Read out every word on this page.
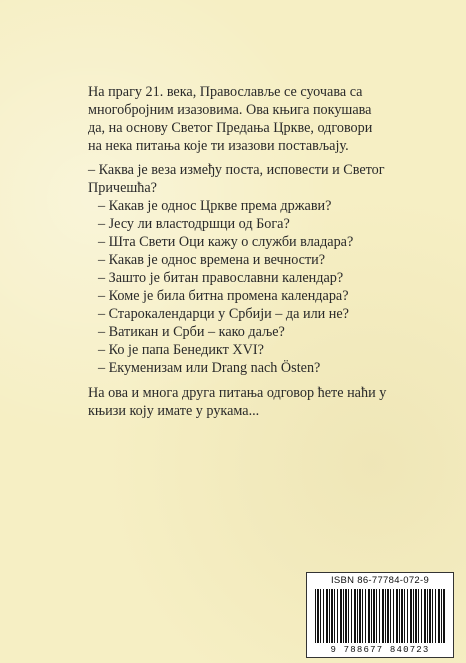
На прагу 21. века, Православље се суочава са многобројним изазовима. Ова књига покушава да, на основу Светог Предања Цркве, одговори на нека питања које ти изазови постављају.

– Каква је веза између поста, исповести и Светог Причешћа?
– Какав је однос Цркве према држави?
– Јесу ли властодршци од Бога?
– Шта Свети Оци кажу о служби владара?
– Какав је однос времена и вечности?
– Зашто је битан православни календар?
– Коме је била битна промена календара?
– Старокалендарци у Србији – да или не?
– Ватикан и Срби – како даље?
– Ко је папа Бенедикт XVI?
– Екуменизам или Drang nach Östen?

На ова и многа друга питања одговор ћете наћи у књизи коју имате у рукама...

ISBN 86-77784-072-9
9 788677 840723
